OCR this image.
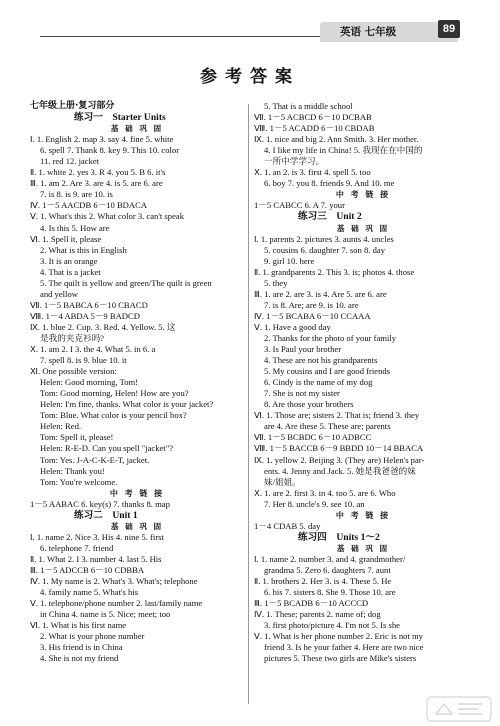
英语 七年级	89
参考答案
七年级上册·复习部分
练习一　Starter Units
基 础 巩 固
Ⅰ. 1. English 2. map 3. say 4. fine 5. white
6. spell 7. Thank 8. key 9. This 10. color
11. red 12. jacket
Ⅱ. 1. white 2. yes 3. R 4. you 5. B 6. it's
Ⅲ. 1. am 2. Are 3. are 4. is 5. are 6. are
7. is 8. is 9. are 10. is
Ⅳ. 1－5 AACDB 6－10 BDACA
Ⅴ. 1. What's this 2. What color 3. can't speak
4. Is this 5. How are
Ⅵ. 1. Spell it, please
2. What is this in English
3. It is an orange
4. That is a jacket
5. The quilt is yellow and green/The quilt is green
and yellow
Ⅶ. 1－5 BABCA 6－10 CBACD
Ⅷ. 1－4 ABDA 5－9 BADCD
Ⅸ. 1. blue 2. Cup. 3. Red. 4. Yellow. 5. 这
是我的夹克衫吗?
Ⅹ. 1. am 2. I 3. the 4. What 5. in 6. a
7. spell 8. is 9. blue 10. it
Ⅺ. One possible version:
Helen: Good morning, Tom!
Tom: Good morning, Helen! How are you?
Helen: I'm fine, thanks. What color is your jacket?
Tom: Blue. What color is your pencil box?
Helen: Red.
Tom: Spell it, please!
Helen: R-E-D. Can you spell "jacket"?
Tom: Yes. J-A-C-K-E-T, jacket.
Helen: Thank you!
Tom: You're welcome.
中 考 链 接
1－5 AABAC 6. key(s) 7. thanks 8. map
练习二　Unit 1
基 础 巩 固
Ⅰ. 1. name 2. Nice 3. His 4. nine 5. first
6. telephone 7. friend
Ⅱ. 1. What 2. I 3. number 4. last 5. His
Ⅲ. 1－5 ADCCB 6－10 CDBBA
Ⅳ. 1. My name is 2. What's 3. What's; telephone
4. family name 5. What's his
Ⅴ. 1. telephone/phone number 2. last/family name
in China 4. name is 5. Nice; meet; too
Ⅵ. 1. What is his first name
2. What is your phone number
3. His friend is in China
4. She is not my friend
5. That is a middle school
Ⅶ. 1－5 ACBCD 6－10 DCBAB
Ⅷ. 1－5 ACADD 6－10 CBDAB
Ⅸ. 1. nice and big 2. Ann Smith. 3. Her mother.
4. I like my life in China! 5. 我现在在中国的
一所中学学习。
Ⅹ. 1. an 2. is 3. first 4. spell 5. too
6. boy 7. you 8. friends 9. And 10. me
中 考 链 接
1－5 CABCC 6. A 7. your
练习三　Unit 2
基 础 巩 固
Ⅰ. 1. parents 2. pictures 3. aunts 4. uncles
5. cousins 6. daughter 7. son 8. day
9. girl 10. here
Ⅱ. 1. grandparents 2. This 3. is; photos 4. those
5. they
Ⅲ. 1. are 2. are 3. is 4. Are 5. are 6. are
7. is 8. Are; are 9. is 10. are
Ⅳ. 1－5 BCABA 6－10 CCAAA
Ⅴ. 1. Have a good day
2. Thanks for the photo of your family
3. Is Paul your brother
4. These are not his grandparents
5. My cousins and I are good friends
6. Cindy is the name of my dog
7. She is not my sister
8. Are those your brothers
Ⅵ. 1. Those are; sisters 2. That is; friend 3. they
are 4. Are these 5. These are; parents
Ⅶ. 1－5 BCBDC 6－10 ADBCC
Ⅷ. 1－5 BACCB 6－9 BBDD 10－14 BBACA
Ⅸ. 1. yellow 2. Beijing 3. (They are) Helen's par-
ents. 4. Jenny and Jack. 5. 她是我爸爸的妹
妹/姐姐。
Ⅹ. 1. are 2. first 3. in 4. too 5. are 6. Who
7. Her 8. uncle's 9. see 10. an
中 考 链 接
1－4 CDAB 5. day
练习四　Units 1～2
基 础 巩 固
Ⅰ. 1. name 2. number 3. and 4. grandmother/
grandma 5. Zero 6. daughters 7. aunt
Ⅱ. 1. brothers 2. Her 3. is 4. These 5. He
6. his 7. sisters 8. She 9. Those 10. are
Ⅲ. 1－5 BCADB 6－10 ACCCD
Ⅳ. 1. These; parents 2. name of; dog
3. first photo/picture 4. I'm not 5. Is she
Ⅴ. 1. What is her phone number 2. Eric is not my
friend 3. Is he your father 4. Here are two nice
pictures 5. These two girls are Mike's sisters
